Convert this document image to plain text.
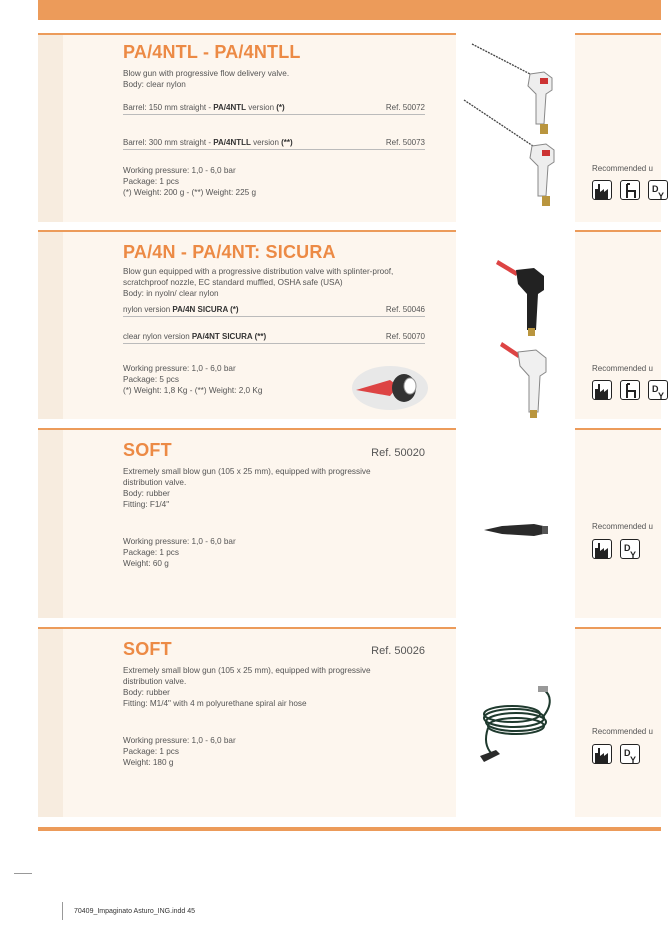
PA/4NTL - PA/4NTLL
Blow gun with progressive flow delivery valve.
Body: clear nylon
Barrel: 150 mm straight - PA/4NTL version (*)	Ref. 50072
Barrel: 300 mm straight - PA/4NTLL version (**)	Ref. 50073
Working pressure: 1,0 - 6,0 bar
Package: 1 pcs
(*) Weight: 200 g - (**) Weight: 225 g
Recommended u
D
Y
PA/4N - PA/4NT: SICURA
Blow gun equipped with a progressive distribution valve with splinter-proof,
scratchproof nozzle, EC standard muffled, OSHA safe (USA)
Body: in nyoln/ clear nylon
nylon version PA/4N SICURA (*)	Ref. 50046
clear nylon version PA/4NT SICURA (**)	Ref. 50070
Working pressure: 1,0 - 6,0 bar
Package: 5 pcs
(*) Weight: 1,8 Kg - (**) Weight: 2,0 Kg
Recommended u
D
Y
SOFT	Ref. 50020
Extremely small blow gun (105 x 25 mm), equipped with progressive
distribution valve.
Body: rubber
Fitting: F1/4"
Working pressure: 1,0 - 6,0 bar
Package: 1 pcs
Weight: 60 g
Recommended u
D
Y
SOFT	Ref. 50026
Extremely small blow gun (105 x 25 mm), equipped with progressive
distribution valve.
Body: rubber
Fitting: M1/4" with 4 m polyurethane spiral air hose
Working pressure: 1,0 - 6,0 bar
Package: 1 pcs
Weight: 180 g
Recommended u
D
Y
70409_Impaginato Asturo_ING.indd 45
